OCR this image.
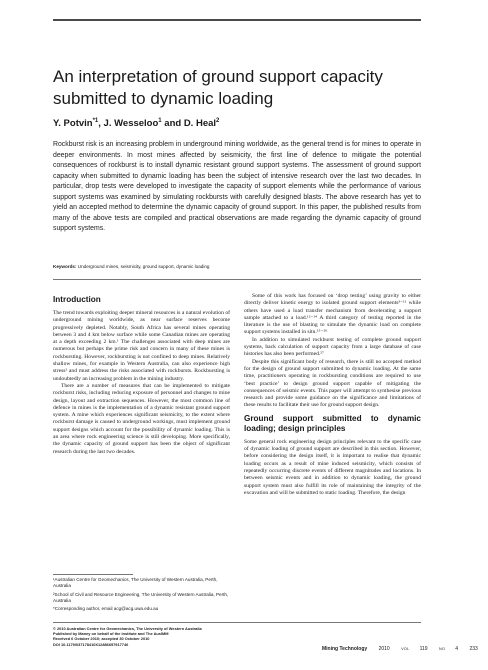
An interpretation of ground support capacity submitted to dynamic loading
Y. Potvin$^{*1}$, J. Wesseloo$^1$ and D. Heal$^2$

Rockburst risk is an increasing problem in underground mining worldwide, as the general trend is for mines to operate in deeper environments. In most mines affected by seismicity, the first line of defence to mitigate the potential consequences of rockburst is to install dynamic resistant ground support systems. The assessment of ground support capacity when submitted to dynamic loading has been the subject of intensive research over the last two decades. In particular, drop tests were developed to investigate the capacity of support elements while the performance of various support systems was examined by simulating rockbursts with carefully designed blasts. The above research has yet to yield an accepted method to determine the dynamic capacity of ground support. In this paper, the published results from many of the above tests are compiled and practical observations are made regarding the dynamic capacity of ground support systems.

Keywords: Underground mines, seismicity, ground support, dynamic loading
Introduction

The trend towards exploiting deeper mineral resources is a natural evolution of underground mining worldwide, as near surface reserves become progressively depleted. Notably, South Africa has several mines operating between 3 and 4 km below surface while some Canadian mines are operating at a depth exceeding 2 km.¹ The challenges associated with deep mines are numerous but perhaps the prime risk and concern in many of these mines is rockbursting. However, rockbursting is not confined to deep mines. Relatively shallow mines, for example in Western Australia, can also experience high stress² and must address the risks associated with rockbursts. Rockbursting is undoubtedly an increasing problem in the mining industry.

There are a number of measures that can be implemented to mitigate rockburst risks, including reducing exposure of personnel and changes to mine design, layout and extraction sequences. However, the most common line of defence in mines is the implementation of a dynamic resistant ground support system. A mine which experiences significant seismicity, to the extent where rockburst damage is caused to underground workings, must implement ground support designs which account for the possibility of dynamic loading. This is an area where rock engineering science is still developing. More specifically, the dynamic capacity of ground support has been the object of significant research during the last two decades.

Some of this work has focused on ‘drop testing’ using gravity to either directly deliver kinetic energy to isolated ground support elements³⁻¹¹ while others have used a load transfer mechanism from decelerating a support sample attached to a load.¹²⁻¹⁴ A third category of testing reported in the literature is the use of blasting to simulate the dynamic load on complete support systems installed in situ.¹⁵⁻²⁶

In addition to simulated rockburst testing of complete ground support systems, back calculation of support capacity from a large database of case histories has also been performed.²⁷

Despite this significant body of research, there is still no accepted method for the design of ground support submitted to dynamic loading. At the same time, practitioners operating in rockbursting conditions are required to use ‘best practice’ to design ground support capable of mitigating the consequences of seismic events. This paper will attempt to synthesise previous research and provide some guidance on the significance and limitations of these results to facilitate their use for ground support design.

Ground support submitted to dynamic loading; design principles

Some general rock engineering design principles relevant to the specific case of dynamic loading of ground support are described in this section. However, before considering the design itself, it is important to realise that dynamic loading occurs as a result of mine induced seismicity, which consists of repeatedly occurring discrete events of different magnitudes and locations. In between seismic events and in addition to dynamic loading, the ground support system must also fulfill its role of maintaining the integrity of the excavation and will be submitted to static loading. Therefore, the design

¹Australian Centre for Geomechanics, The University of Western Australia, Perth, Australia
²School of Civil and Resource Engineering, The University of Western Australia, Perth, Australia
*Corresponding author, email acg@acg.uwa.edu.au
© 2010 Australian Centre for Geomechanics, The University of Western Australia
Published by Maney on behalf of the Institute and The AusIMM
Received 6 October 2010; accepted 30 October 2010
DOI 10.1179/037178410X12886697917746
Mining Technology 2010	VOL 119	NO 4 233
